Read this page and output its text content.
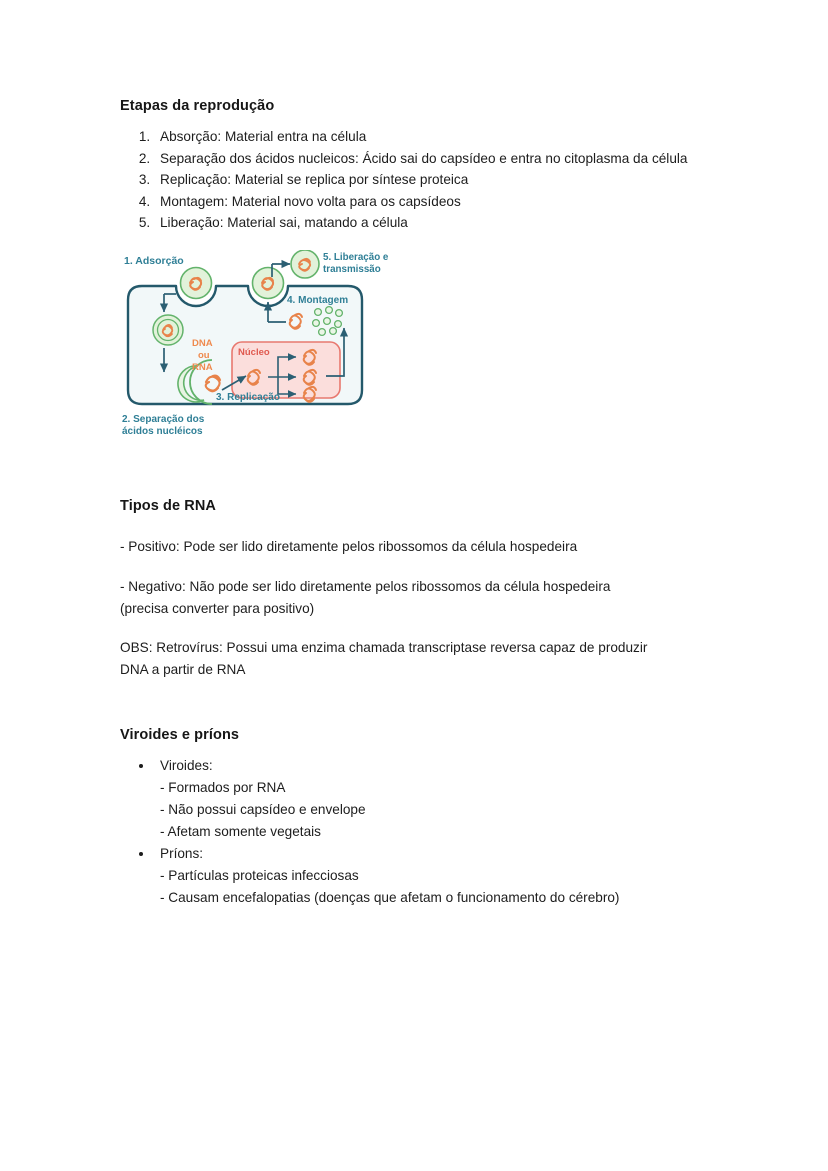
Etapas da reprodução
1. Absorção: Material entra na célula
2. Separação dos ácidos nucleicos: Ácido sai do capsídeo e entra no citoplasma da célula
3. Replicação: Material se replica por síntese proteica
4. Montagem: Material novo volta para os capsídeos
5. Liberação: Material sai, matando a célula
Núcleo
DNA
ou
RNA
1. Adsorção	5. Liberação e
transmissão
4. Montagem
3. Replicação
2. Separação dos
ácidos nucléicos
Tipos de RNA

- Positivo: Pode ser lido diretamente pelos ribossomos da célula hospedeira

- Negativo: Não pode ser lido diretamente pelos ribossomos da célula hospedeira
(precisa converter para positivo)

OBS: Retrovírus: Possui uma enzima chamada transcriptase reversa capaz de produzir
DNA a partir de RNA

Viroides e príons
• Viroides:
- Formados por RNA
- Não possui capsídeo e envelope
- Afetam somente vegetais
• Príons:
- Partículas proteicas infecciosas
- Causam encefalopatias (doenças que afetam o funcionamento do cérebro)
